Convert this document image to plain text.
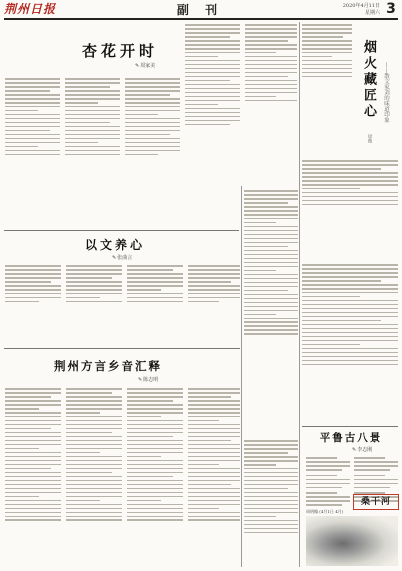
荆州日报	副 刊	2020年4月11日
星期六 3
杏花开时
✎ 周家美	烟火藏匠心	——散文家刘的味道印象
徐薇
以文养心
✎ 张曲言
荆州方言乡音汇释
✎ 陈志明
平鲁古八景
✎ 李志刚
桑干河
周明翰 (4月1日 4月)
